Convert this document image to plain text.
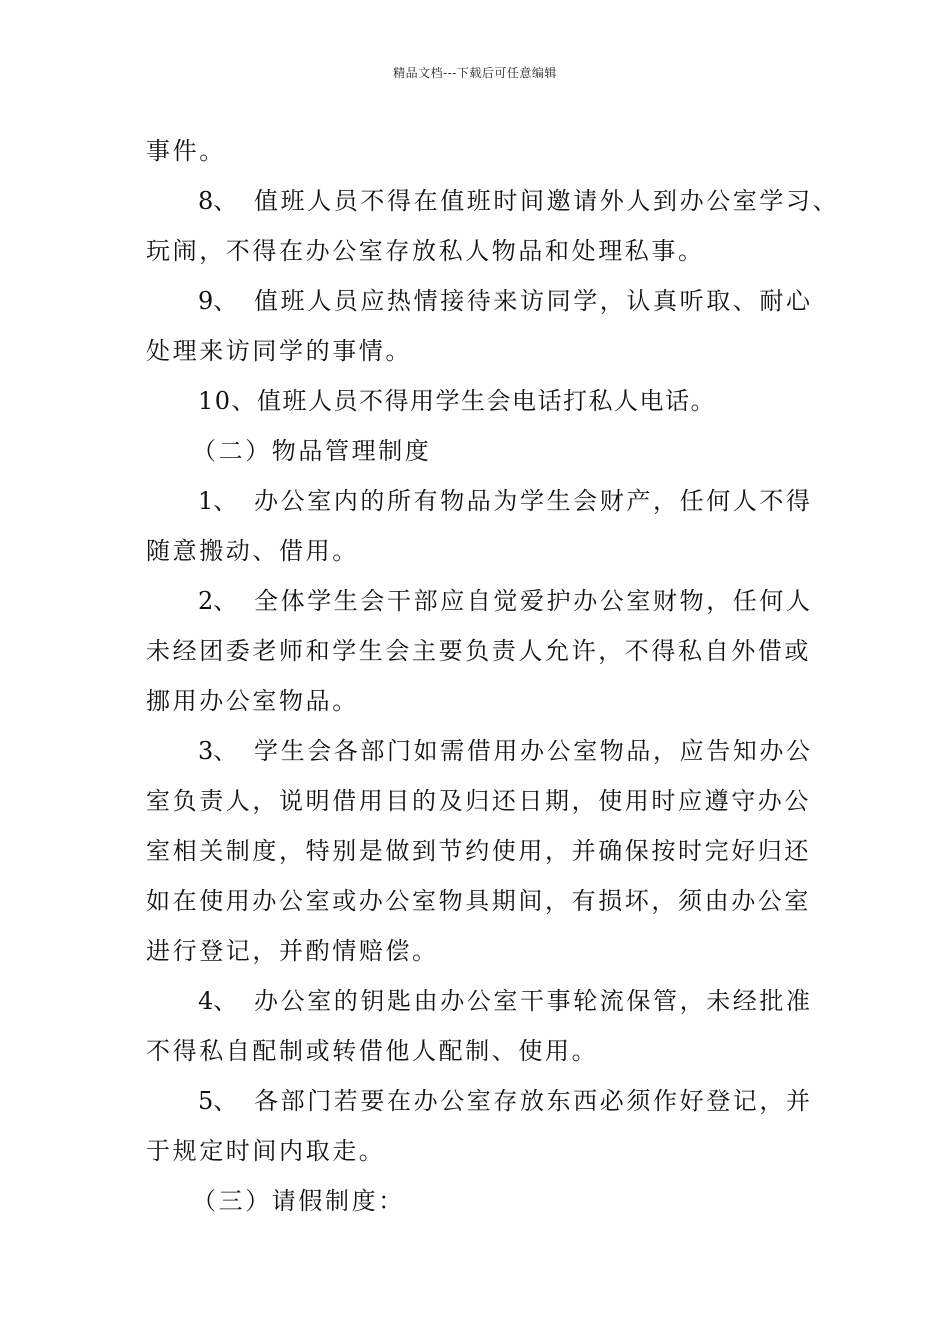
精品文档---下载后可任意编辑
事件。
8、 值班人员不得在值班时间邀请外人到办公室学习、
玩闹，不得在办公室存放私人物品和处理私事。
9、 值班人员应热情接待来访同学，认真听取、耐心
处理来访同学的事情。
10、值班人员不得用学生会电话打私人电话。
（二）物品管理制度
1、 办公室内的所有物品为学生会财产，任何人不得
随意搬动、借用。
2、 全体学生会干部应自觉爱护办公室财物，任何人
未经团委老师和学生会主要负责人允许，不得私自外借或
挪用办公室物品。
3、 学生会各部门如需借用办公室物品，应告知办公
室负责人，说明借用目的及归还日期，使用时应遵守办公
室相关制度，特别是做到节约使用，并确保按时完好归还
如在使用办公室或办公室物具期间，有损坏，须由办公室
进行登记，并酌情赔偿。
4、 办公室的钥匙由办公室干事轮流保管，未经批准
不得私自配制或转借他人配制、使用。
5、 各部门若要在办公室存放东西必须作好登记，并
于规定时间内取走。
（三）请假制度：
